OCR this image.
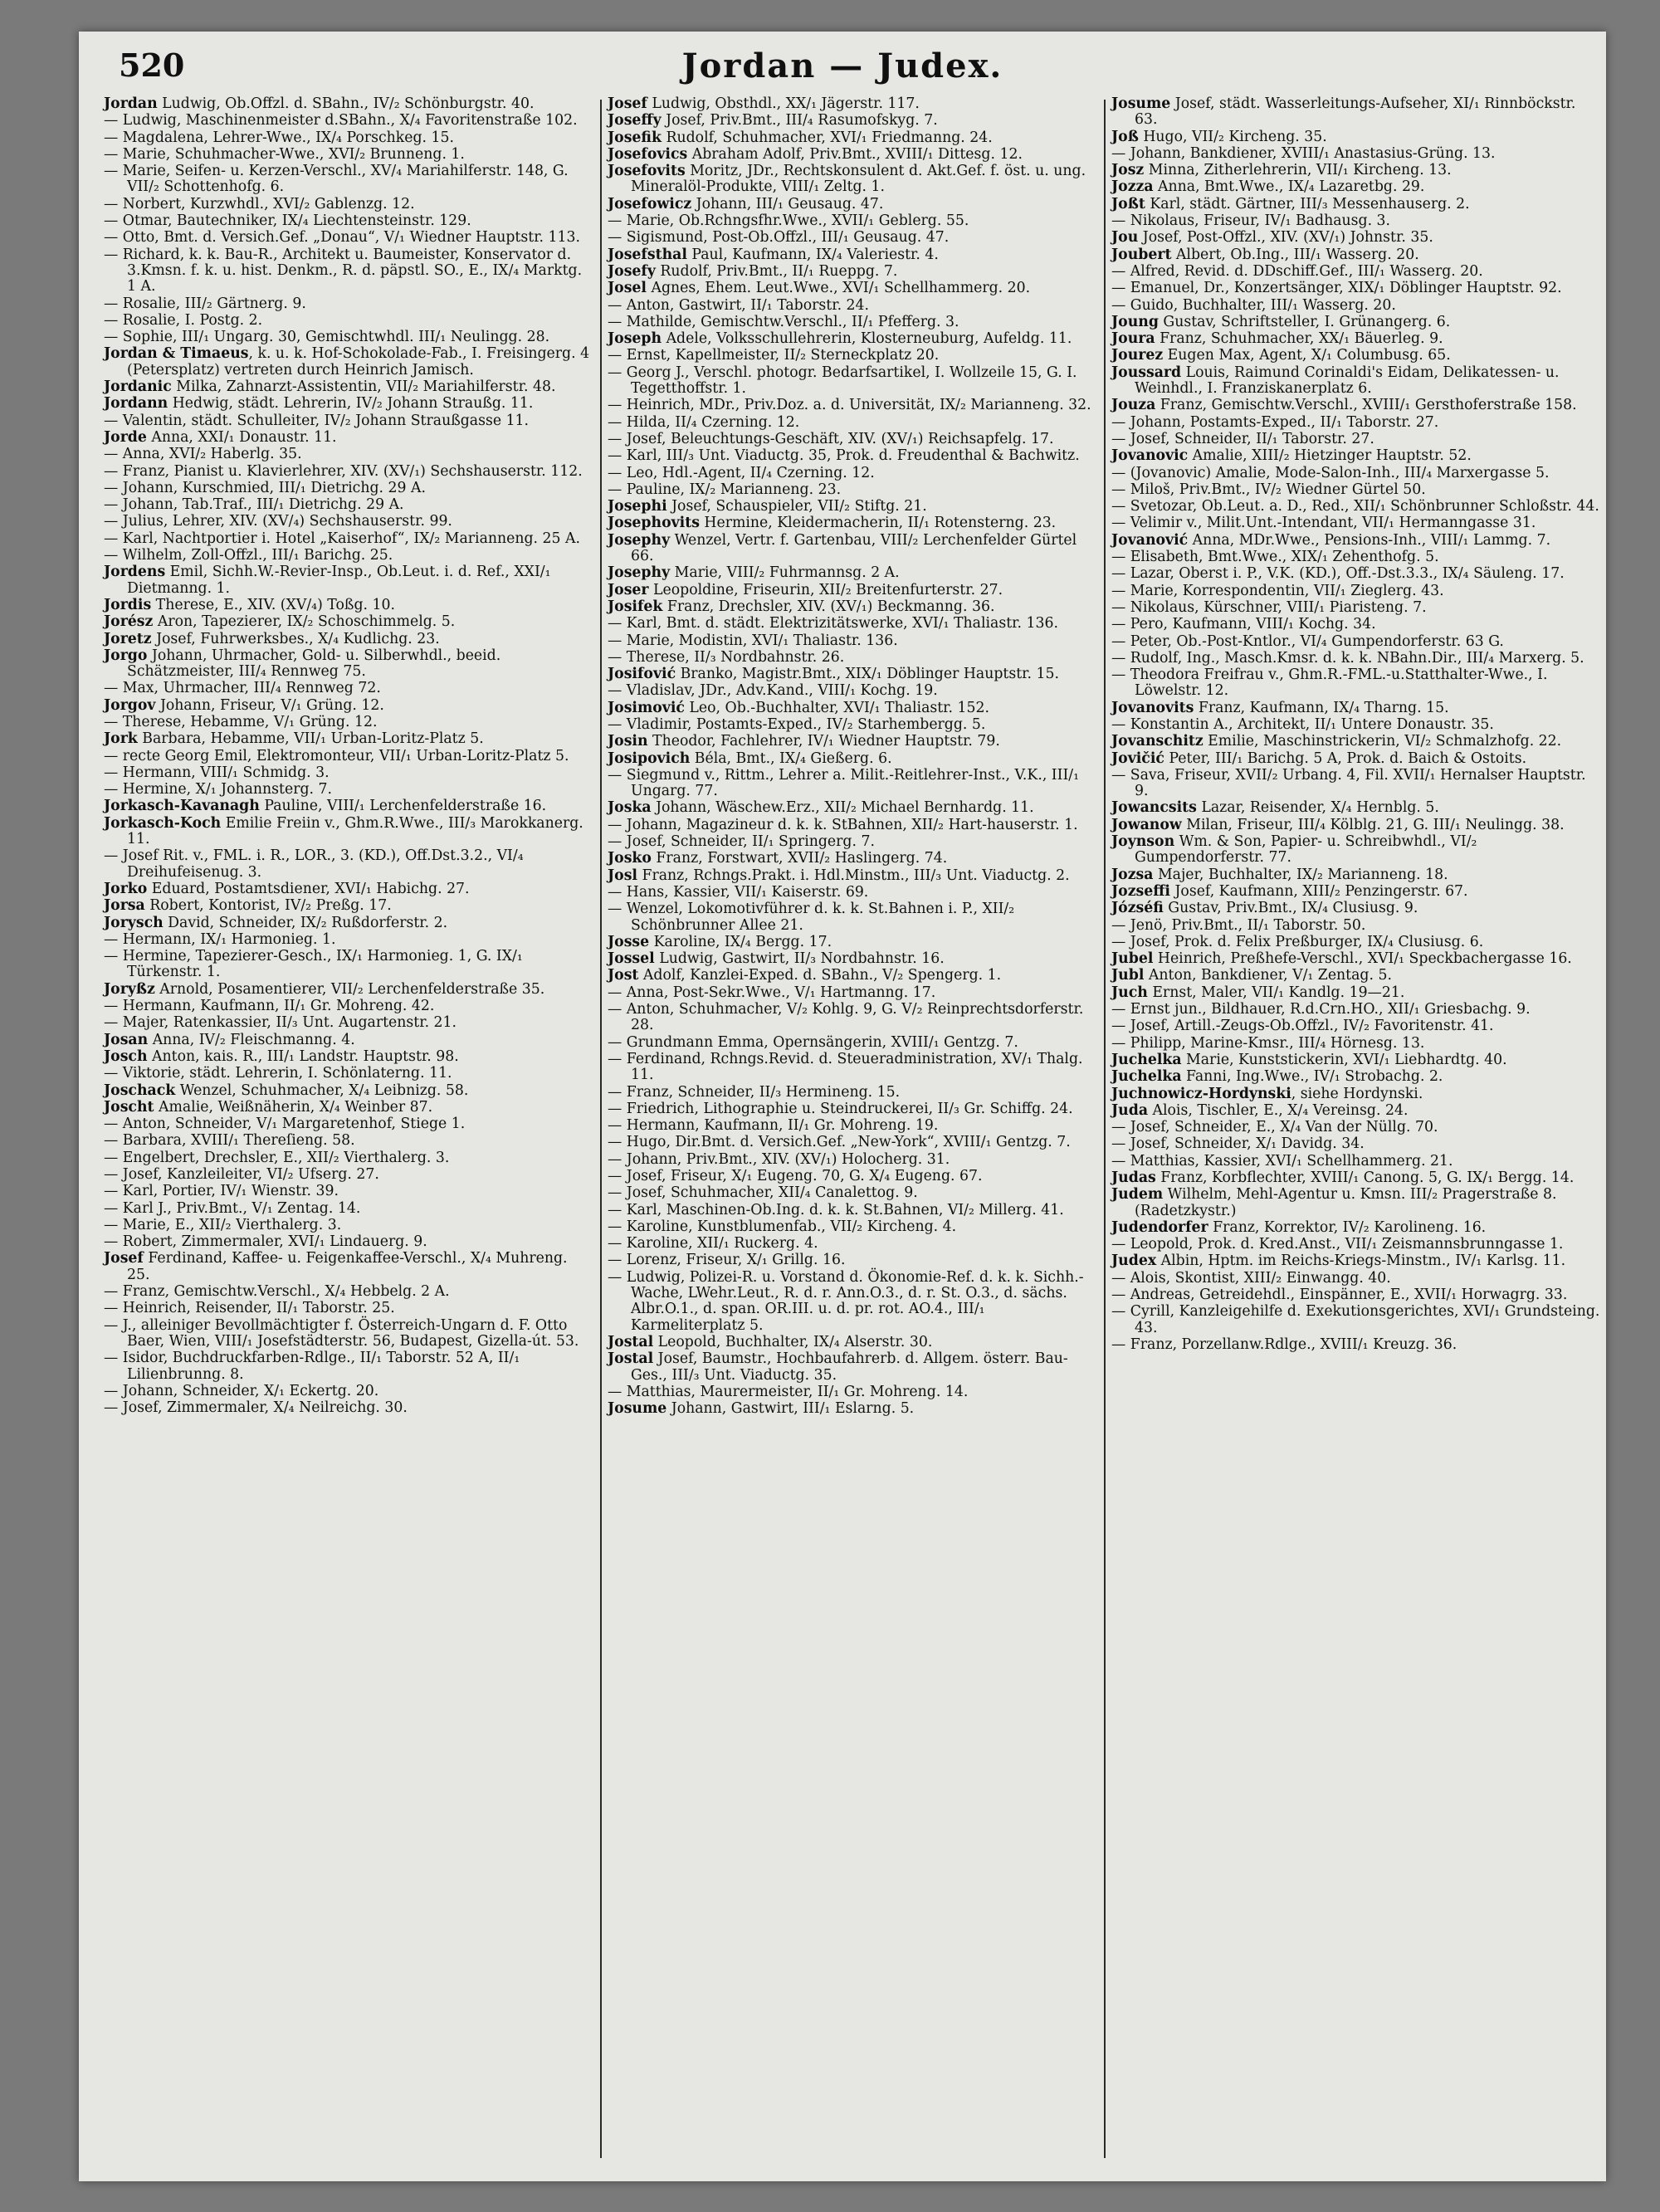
520	Jordan — Judex.
Jordan Ludwig, Ob.Offzl. d. SBahn., IV/₂ Schönburgstr. 40.
— Ludwig, Maschinenmeister d.SBahn., X/₄ Favoritenstraße 102.
— Magdalena, Lehrer-Wwe., IX/₄ Porschkeg. 15.
— Marie, Schuhmacher-Wwe., XVI/₂ Brunneng. 1.
— Marie, Seifen- u. Kerzen-Verschl., XV/₄ Mariahilferstr. 148, G. VII/₂ Schottenhofg. 6.
— Norbert, Kurzwhdl., XVI/₂ Gablenzg. 12.
— Otmar, Bautechniker, IX/₄ Liechtensteinstr. 129.
— Otto, Bmt. d. Versich.Gef. „Donau“, V/₁ Wiedner Hauptstr. 113.
— Richard, k. k. Bau-R., Architekt u. Baumeister, Konservator d. 3.Kmsn. f. k. u. hist. Denkm., R. d. päpstl. SO., E., IX/₄ Marktg. 1 A.
— Rosalie, III/₂ Gärtnerg. 9.
— Rosalie, I. Postg. 2.
— Sophie, III/₁ Ungarg. 30, Gemischtwhdl. III/₁ Neulingg. 28.
Jordan & Timaeus, k. u. k. Hof-Schokolade-Fab., I. Freisingerg. 4 (Petersplatz) vertreten durch Heinrich Jamisch.
Jordanic Milka, Zahnarzt-Assistentin, VII/₂ Mariahilferstr. 48.
Jordann Hedwig, städt. Lehrerin, IV/₂ Johann Straußg. 11.
— Valentin, städt. Schulleiter, IV/₂ Johann Straußgasse 11.
Jorde Anna, XXI/₁ Donaustr. 11.
— Anna, XVI/₂ Haberlg. 35.
— Franz, Pianist u. Klavierlehrer, XIV. (XV/₁) Sechshauserstr. 112.
— Johann, Kurschmied, III/₁ Dietrichg. 29 A.
— Johann, Tab.Traf., III/₁ Dietrichg. 29 A.
— Julius, Lehrer, XIV. (XV/₄) Sechshauserstr. 99.
— Karl, Nachtportier i. Hotel „Kaiserhof“, IX/₂ Marianneng. 25 A.
— Wilhelm, Zoll-Offzl., III/₁ Barichg. 25.
Jordens Emil, Sichh.W.-Revier-Insp., Ob.Leut. i. d. Ref., XXI/₁ Dietmanng. 1.
Jordis Therese, E., XIV. (XV/₄) Toßg. 10.
Jorész Aron, Tapezierer, IX/₂ Schoschimmelg. 5.
Joretz Josef, Fuhrwerksbes., X/₄ Kudlichg. 23.
Jorgo Johann, Uhrmacher, Gold- u. Silberwhdl., beeid. Schätzmeister, III/₄ Rennweg 75.
— Max, Uhrmacher, III/₄ Rennweg 72.
Jorgov Johann, Friseur, V/₁ Grüng. 12.
— Therese, Hebamme, V/₁ Grüng. 12.
Jork Barbara, Hebamme, VII/₁ Urban-Loritz-Platz 5.
— recte Georg Emil, Elektromonteur, VII/₁ Urban-Loritz-Platz 5.
— Hermann, VIII/₁ Schmidg. 3.
— Hermine, X/₁ Johannsterg. 7.
Jorkasch-Kavanagh Pauline, VIII/₁ Lerchenfelderstraße 16.
Jorkasch-Koch Emilie Freiin v., Ghm.R.Wwe., III/₃ Marokkanerg. 11.
— Josef Rit. v., FML. i. R., LOR., 3. (KD.), Off.Dst.3.2., VI/₄ Dreihufeisenug. 3.
Jorko Eduard, Postamtsdiener, XVI/₁ Habichg. 27.
Jorsa Robert, Kontorist, IV/₂ Preßg. 17.
Jorysch David, Schneider, IX/₂ Rußdorferstr. 2.
— Hermann, IX/₁ Harmonieg. 1.
— Hermine, Tapezierer-Gesch., IX/₁ Harmonieg. 1, G. IX/₁ Türkenstr. 1.
Joryßz Arnold, Posamentierer, VII/₂ Lerchenfelderstraße 35.
— Hermann, Kaufmann, II/₁ Gr. Mohreng. 42.
— Majer, Ratenkassier, II/₃ Unt. Augartenstr. 21.
Josan Anna, IV/₂ Fleischmanng. 4.
Josch Anton, kais. R., III/₁ Landstr. Hauptstr. 98.
— Viktorie, städt. Lehrerin, I. Schönlaterng. 11.
Joschack Wenzel, Schuhmacher, X/₄ Leibnizg. 58.
Joscht Amalie, Weißnäherin, X/₄ Weinber 87.
— Anton, Schneider, V/₁ Margaretenhof, Stiege 1.
— Barbara, XVIII/₁ Thereſieng. 58.
— Engelbert, Drechsler, E., XII/₂ Vierthalerg. 3.
— Josef, Kanzleileiter, VI/₂ Ufserg. 27.
— Karl, Portier, IV/₁ Wienstr. 39.
— Karl J., Priv.Bmt., V/₁ Zentag. 14.
— Marie, E., XII/₂ Vierthalerg. 3.
— Robert, Zimmermaler, XVI/₁ Lindauerg. 9.
Josef Ferdinand, Kaffee- u. Feigenkaffee-Verschl., X/₄ Muhreng. 25.
— Franz, Gemischtw.Verschl., X/₄ Hebbelg. 2 A.
— Heinrich, Reisender, II/₁ Taborstr. 25.
— J., alleiniger Bevollmächtigter f. Österreich-Ungarn d. F. Otto Baer, Wien, VIII/₁ Josefstädterstr. 56, Budapest, Gizella-út. 53.
— Isidor, Buchdruckfarben-Rdlge., II/₁ Taborstr. 52 A, II/₁ Lilienbrunng. 8.
— Johann, Schneider, X/₁ Eckertg. 20.
— Josef, Zimmermaler, X/₄ Neilreichg. 30.
Josef Ludwig, Obsthdl., XX/₁ Jägerstr. 117.
Joseffy Josef, Priv.Bmt., III/₄ Rasumofskyg. 7.
Josefik Rudolf, Schuhmacher, XVI/₁ Friedmanng. 24.
Josefovics Abraham Adolf, Priv.Bmt., XVIII/₁ Dittesg. 12.
Josefovits Moritz, JDr., Rechtskonsulent d. Akt.Gef. f. öst. u. ung. Mineralöl-Produkte, VIII/₁ Zeltg. 1.
Josefowicz Johann, III/₁ Geusaug. 47.
— Marie, Ob.Rchngsfhr.Wwe., XVII/₁ Geblerg. 55.
— Sigismund, Post-Ob.Offzl., III/₁ Geusaug. 47.
Josefsthal Paul, Kaufmann, IX/₄ Valeriestr. 4.
Josefy Rudolf, Priv.Bmt., II/₁ Rueppg. 7.
Josel Agnes, Ehem. Leut.Wwe., XVI/₁ Schellhammerg. 20.
— Anton, Gastwirt, II/₁ Taborstr. 24.
— Mathilde, Gemischtw.Verschl., II/₁ Pfefferg. 3.
Joseph Adele, Volksschullehrerin, Klosterneuburg, Aufeldg. 11.
— Ernst, Kapellmeister, II/₂ Sterneckplatz 20.
— Georg J., Verschl. photogr. Bedarfsartikel, I. Wollzeile 15, G. I. Tegetthoffstr. 1.
— Heinrich, MDr., Priv.Doz. a. d. Universität, IX/₂ Marianneng. 32.
— Hilda, II/₄ Czerning. 12.
— Josef, Beleuchtungs-Geschäft, XIV. (XV/₁) Reichsapfelg. 17.
— Karl, III/₃ Unt. Viaductg. 35, Prok. d. Freudenthal & Bachwitz.
— Leo, Hdl.-Agent, II/₄ Czerning. 12.
— Pauline, IX/₂ Marianneng. 23.
Josephi Josef, Schauspieler, VII/₂ Stiftg. 21.
Josephovits Hermine, Kleidermacherin, II/₁ Rotensterng. 23.
Josephy Wenzel, Vertr. f. Gartenbau, VIII/₂ Lerchenfelder Gürtel 66.
Josephy Marie, VIII/₂ Fuhrmannsg. 2 A.
Joser Leopoldine, Friseurin, XII/₂ Breitenfurterstr. 27.
Josifek Franz, Drechsler, XIV. (XV/₁) Beckmanng. 36.
— Karl, Bmt. d. städt. Elektrizitätswerke, XVI/₁ Thaliastr. 136.
— Marie, Modistin, XVI/₁ Thaliastr. 136.
— Therese, II/₃ Nordbahnstr. 26.
Josifović Branko, Magistr.Bmt., XIX/₁ Döblinger Hauptstr. 15.
— Vladislav, JDr., Adv.Kand., VIII/₁ Kochg. 19.
Josimović Leo, Ob.-Buchhalter, XVI/₁ Thaliastr. 152.
— Vladimir, Postamts-Exped., IV/₂ Starhembergg. 5.
Josin Theodor, Fachlehrer, IV/₁ Wiedner Hauptstr. 79.
Josipovich Béla, Bmt., IX/₄ Gießerg. 6.
— Siegmund v., Rittm., Lehrer a. Milit.-Reitlehrer-Inst., V.K., III/₁ Ungarg. 77.
Joska Johann, Wäschew.Erz., XII/₂ Michael Bernhardg. 11.
— Johann, Magazineur d. k. k. StBahnen, XII/₂ Hart-hauserstr. 1.
— Josef, Schneider, II/₁ Springerg. 7.
Josko Franz, Forstwart, XVII/₂ Haslingerg. 74.
Josl Franz, Rchngs.Prakt. i. Hdl.Minstm., III/₃ Unt. Viaductg. 2.
— Hans, Kassier, VII/₁ Kaiserstr. 69.
— Wenzel, Lokomotivführer d. k. k. St.Bahnen i. P., XII/₂ Schönbrunner Allee 21.
Josse Karoline, IX/₄ Bergg. 17.
Jossel Ludwig, Gastwirt, II/₃ Nordbahnstr. 16.
Jost Adolf, Kanzlei-Exped. d. SBahn., V/₂ Spengerg. 1.
— Anna, Post-Sekr.Wwe., V/₁ Hartmanng. 17.
— Anton, Schuhmacher, V/₂ Kohlg. 9, G. V/₂ Reinprechtsdorferstr. 28.
— Grundmann Emma, Opernsängerin, XVIII/₁ Gentzg. 7.
— Ferdinand, Rchngs.Revid. d. Steueradministration, XV/₁ Thalg. 11.
— Franz, Schneider, II/₃ Hermineng. 15.
— Friedrich, Lithographie u. Steindruckerei, II/₃ Gr. Schiffg. 24.
— Hermann, Kaufmann, II/₁ Gr. Mohreng. 19.
— Hugo, Dir.Bmt. d. Versich.Gef. „New-York“, XVIII/₁ Gentzg. 7.
— Johann, Priv.Bmt., XIV. (XV/₁) Holocherg. 31.
— Josef, Friseur, X/₁ Eugeng. 70, G. X/₄ Eugeng. 67.
— Josef, Schuhmacher, XII/₄ Canalettog. 9.
— Karl, Maschinen-Ob.Ing. d. k. k. St.Bahnen, VI/₂ Millerg. 41.
— Karoline, Kunstblumenfab., VII/₂ Kircheng. 4.
— Karoline, XII/₁ Ruckerg. 4.
— Lorenz, Friseur, X/₁ Grillg. 16.
— Ludwig, Polizei-R. u. Vorstand d. Ökonomie-Ref. d. k. k. Sichh.-Wache, LWehr.Leut., R. d. r. Ann.O.3., d. r. St. O.3., d. sächs. Albr.O.1., d. span. OR.III. u. d. pr. rot. AO.4., III/₁ Karmeliterplatz 5.
Jostal Leopold, Buchhalter, IX/₄ Alserstr. 30.
Jostal Josef, Baumstr., Hochbaufahrerb. d. Allgem. österr. Bau-Ges., III/₃ Unt. Viaductg. 35.
— Matthias, Maurermeister, II/₁ Gr. Mohreng. 14.
Josume Johann, Gastwirt, III/₁ Eslarng. 5.
Josume Josef, städt. Wasserleitungs-Aufseher, XI/₁ Rinnböckstr. 63.
Joß Hugo, VII/₂ Kircheng. 35.
— Johann, Bankdiener, XVIII/₁ Anastasius-Grüng. 13.
Josz Minna, Zitherlehrerin, VII/₁ Kircheng. 13.
Jozza Anna, Bmt.Wwe., IX/₄ Lazaretbg. 29.
Joßt Karl, städt. Gärtner, III/₃ Messenhauserg. 2.
— Nikolaus, Friseur, IV/₁ Badhausg. 3.
Jou Josef, Post-Offzl., XIV. (XV/₁) Johnstr. 35.
Joubert Albert, Ob.Ing., III/₁ Wasserg. 20.
— Alfred, Revid. d. DDschiff.Gef., III/₁ Wasserg. 20.
— Emanuel, Dr., Konzertsänger, XIX/₁ Döblinger Hauptstr. 92.
— Guido, Buchhalter, III/₁ Wasserg. 20.
Joung Gustav, Schriftsteller, I. Grünangerg. 6.
Joura Franz, Schuhmacher, XX/₁ Bäuerleg. 9.
Jourez Eugen Max, Agent, X/₁ Columbusg. 65.
Joussard Louis, Raimund Corinaldi's Eidam, Delikatessen- u. Weinhdl., I. Franziskanerplatz 6.
Jouza Franz, Gemischtw.Verschl., XVIII/₁ Gersthoferstraße 158.
— Johann, Postamts-Exped., II/₁ Taborstr. 27.
— Josef, Schneider, II/₁ Taborstr. 27.
Jovanovic Amalie, XIII/₂ Hietzinger Hauptstr. 52.
— (Jovanovic) Amalie, Mode-Salon-Inh., III/₄ Marxergasse 5.
— Miloš, Priv.Bmt., IV/₂ Wiedner Gürtel 50.
— Svetozar, Ob.Leut. a. D., Red., XII/₁ Schönbrunner Schloßstr. 44.
— Velimir v., Milit.Unt.-Intendant, VII/₁ Hermanngasse 31.
Jovanović Anna, MDr.Wwe., Pensions-Inh., VIII/₁ Lammg. 7.
— Elisabeth, Bmt.Wwe., XIX/₁ Zehenthofg. 5.
— Lazar, Oberst i. P., V.K. (KD.), Off.-Dst.3.3., IX/₄ Säuleng. 17.
— Marie, Korrespondentin, VII/₁ Zieglerg. 43.
— Nikolaus, Kürschner, VIII/₁ Piaristeng. 7.
— Pero, Kaufmann, VIII/₁ Kochg. 34.
— Peter, Ob.-Post-Kntlor., VI/₄ Gumpendorferstr. 63 G.
— Rudolf, Ing., Masch.Kmsr. d. k. k. NBahn.Dir., III/₄ Marxerg. 5.
— Theodora Freifrau v., Ghm.R.-FML.-u.Statthalter-Wwe., I. Löwelstr. 12.
Jovanovits Franz, Kaufmann, IX/₄ Tharng. 15.
— Konstantin A., Architekt, II/₁ Untere Donaustr. 35.
Jovanschitz Emilie, Maschinstrickerin, VI/₂ Schmalzhofg. 22.
Jovičić Peter, III/₁ Barichg. 5 A, Prok. d. Baich & Ostoits.
— Sava, Friseur, XVII/₂ Urbang. 4, Fil. XVII/₁ Hernalser Hauptstr. 9.
Jowancsits Lazar, Reisender, X/₄ Hernblg. 5.
Jowanow Milan, Friseur, III/₄ Kölblg. 21, G. III/₁ Neulingg. 38.
Joynson Wm. & Son, Papier- u. Schreibwhdl., VI/₂ Gumpendorferstr. 77.
Jozsa Majer, Buchhalter, IX/₂ Marianneng. 18.
Jozseffi Josef, Kaufmann, XIII/₂ Penzingerstr. 67.
Józséfi Gustav, Priv.Bmt., IX/₄ Clusiusg. 9.
— Jenö, Priv.Bmt., II/₁ Taborstr. 50.
— Josef, Prok. d. Felix Preßburger, IX/₄ Clusiusg. 6.
Jubel Heinrich, Preßhefe-Verschl., XVI/₁ Speckbachergasse 16.
Jubl Anton, Bankdiener, V/₁ Zentag. 5.
Juch Ernst, Maler, VII/₁ Kandlg. 19—21.
— Ernst jun., Bildhauer, R.d.Crn.HO., XII/₁ Griesbachg. 9.
— Josef, Artill.-Zeugs-Ob.Offzl., IV/₂ Favoritenstr. 41.
— Philipp, Marine-Kmsr., III/₄ Hörnesg. 13.
Juchelka Marie, Kunststickerin, XVI/₁ Liebhardtg. 40.
Juchelka Fanni, Ing.Wwe., IV/₁ Strobachg. 2.
Juchnowicz-Hordynski, siehe Hordynski.
Juda Alois, Tischler, E., X/₄ Vereinsg. 24.
— Josef, Schneider, E., X/₄ Van der Nüllg. 70.
— Josef, Schneider, X/₁ Davidg. 34.
— Matthias, Kassier, XVI/₁ Schellhammerg. 21.
Judas Franz, Korbflechter, XVIII/₁ Canong. 5, G. IX/₁ Bergg. 14.
Judem Wilhelm, Mehl-Agentur u. Kmsn. III/₂ Pragerstraße 8. (Radetzkystr.)
Judendorfer Franz, Korrektor, IV/₂ Karolineng. 16.
— Leopold, Prok. d. Kred.Anst., VII/₁ Zeismannsbrunngasse 1.
Judex Albin, Hptm. im Reichs-Kriegs-Minstm., IV/₁ Karlsg. 11.
— Alois, Skontist, XIII/₂ Einwangg. 40.
— Andreas, Getreidehdl., Einspänner, E., XVII/₁ Horwagrg. 33.
— Cyrill, Kanzleigehilfe d. Exekutionsgerichtes, XVI/₁ Grundsteing. 43.
— Franz, Porzellanw.Rdlge., XVIII/₁ Kreuzg. 36.
